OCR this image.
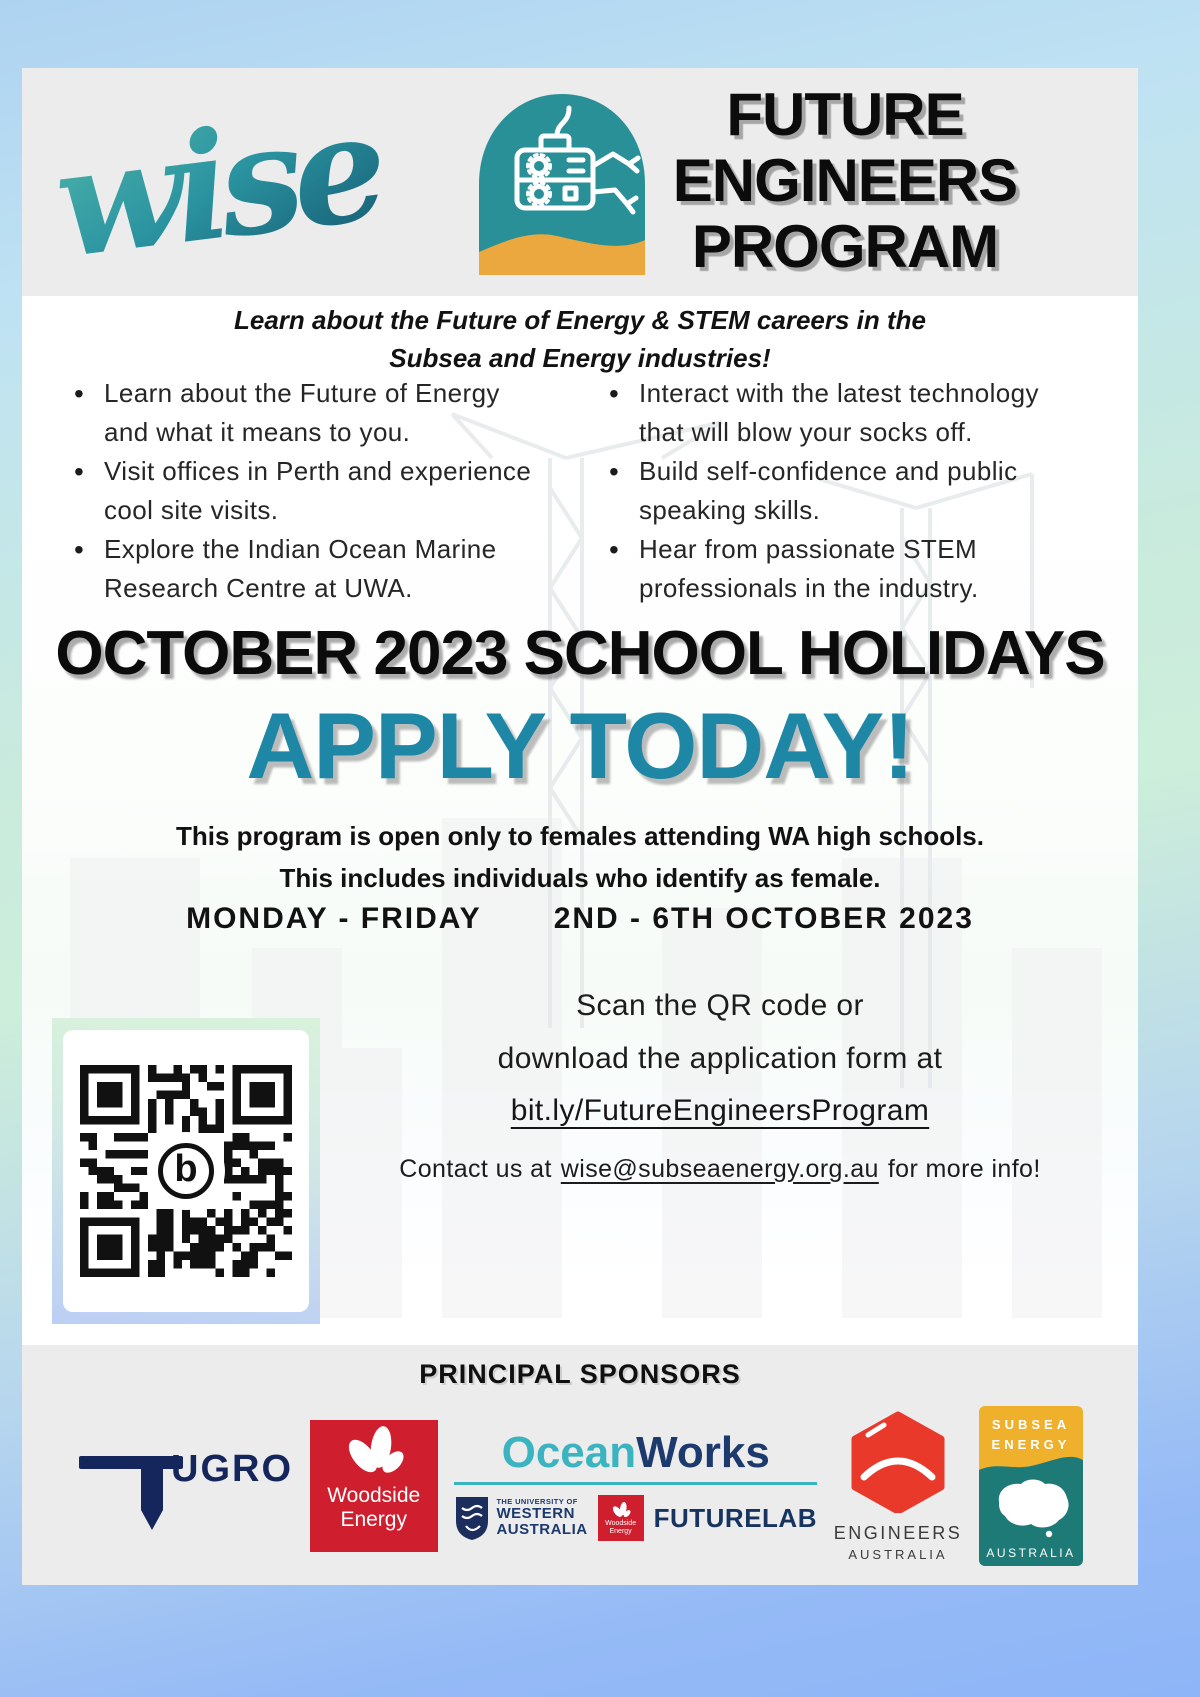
wise	FUTURE
ENGINEERS
PROGRAM
Learn about the Future of Energy & STEM careers in the
Subsea and Energy industries!
• Learn about the Future of Energy and what it means to you.
• Visit offices in Perth and experience cool site visits.
• Explore the Indian Ocean Marine Research Centre at UWA.
• Interact with the latest technology that will blow your socks off.
• Build self-confidence and public speaking skills.
• Hear from passionate STEM professionals in the industry.
OCTOBER 2023 SCHOOL HOLIDAYS
APPLY TODAY!
This program is open only to females attending WA high schools.
This includes individuals who identify as female.
MONDAY - FRIDAY 2ND - 6TH OCTOBER 2023
b
Scan the QR code or
download the application form at
bit.ly/FutureEngineersProgram
Contact us at wise@subseaenergy.org.au for more info!
PRINCIPAL SPONSORS
UGRO
Woodside
Energy
OceanWorks
THE UNIVERSITY OF
WESTERN
AUSTRALIA Woodside
Energy FUTURELAB ENGINEERS
AUSTRALIA
SUBSEA
ENERGY
AUSTRALIA
